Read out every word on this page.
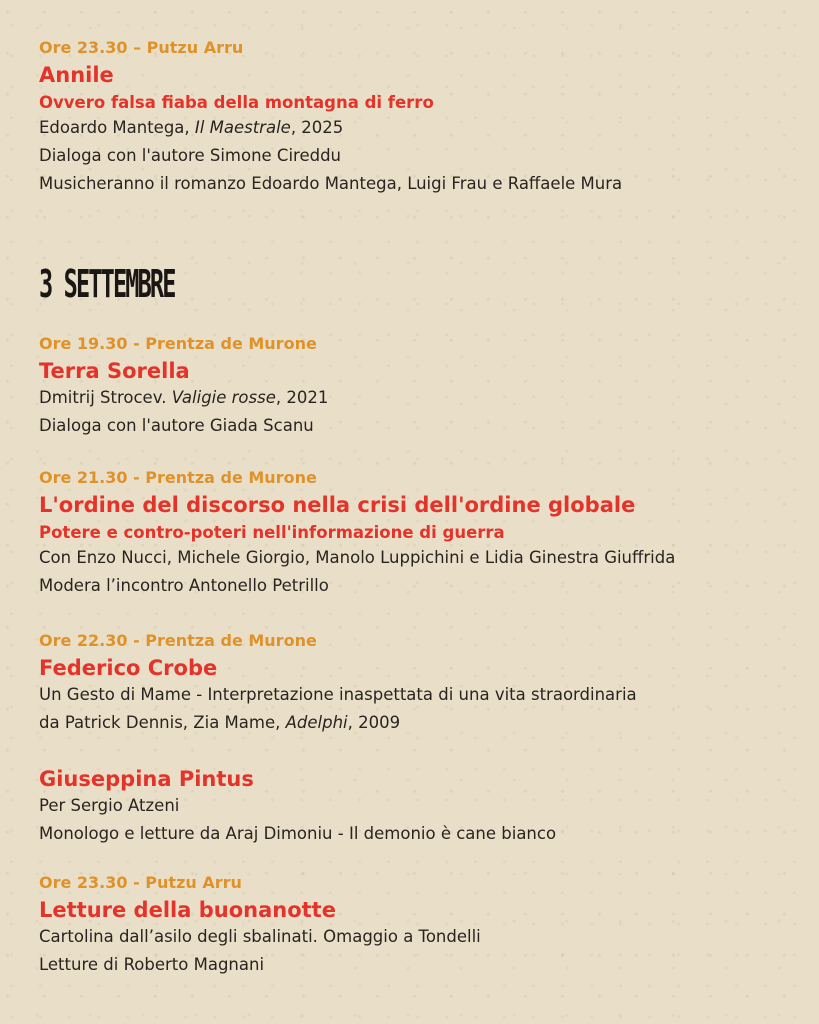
Ore 23.30 – Putzu Arru
Annile
Ovvero falsa fiaba della montagna di ferro
Edoardo Mantega, Il Maestrale, 2025
Dialoga con l'autore Simone Cireddu
Musicheranno il romanzo Edoardo Mantega, Luigi Frau e Raffaele Mura
3 SETTEMBRE
Ore 19.30 - Prentza de Murone
Terra Sorella
Dmitrij Strocev. Valigie rosse, 2021
Dialoga con l'autore Giada Scanu
Ore 21.30 - Prentza de Murone
L'ordine del discorso nella crisi dell'ordine globale
Potere e contro-poteri nell'informazione di guerra
Con Enzo Nucci, Michele Giorgio, Manolo Luppichini e Lidia Ginestra Giuffrida
Modera l’incontro Antonello Petrillo
Ore 22.30 - Prentza de Murone
Federico Crobe
Un Gesto di Mame - Interpretazione inaspettata di una vita straordinaria
da Patrick Dennis, Zia Mame, Adelphi, 2009
Giuseppina Pintus
Per Sergio Atzeni
Monologo e letture da Araj Dimoniu - Il demonio è cane bianco
Ore 23.30 - Putzu Arru
Letture della buonanotte
Cartolina dall’asilo degli sbalinati. Omaggio a Tondelli
Letture di Roberto Magnani
